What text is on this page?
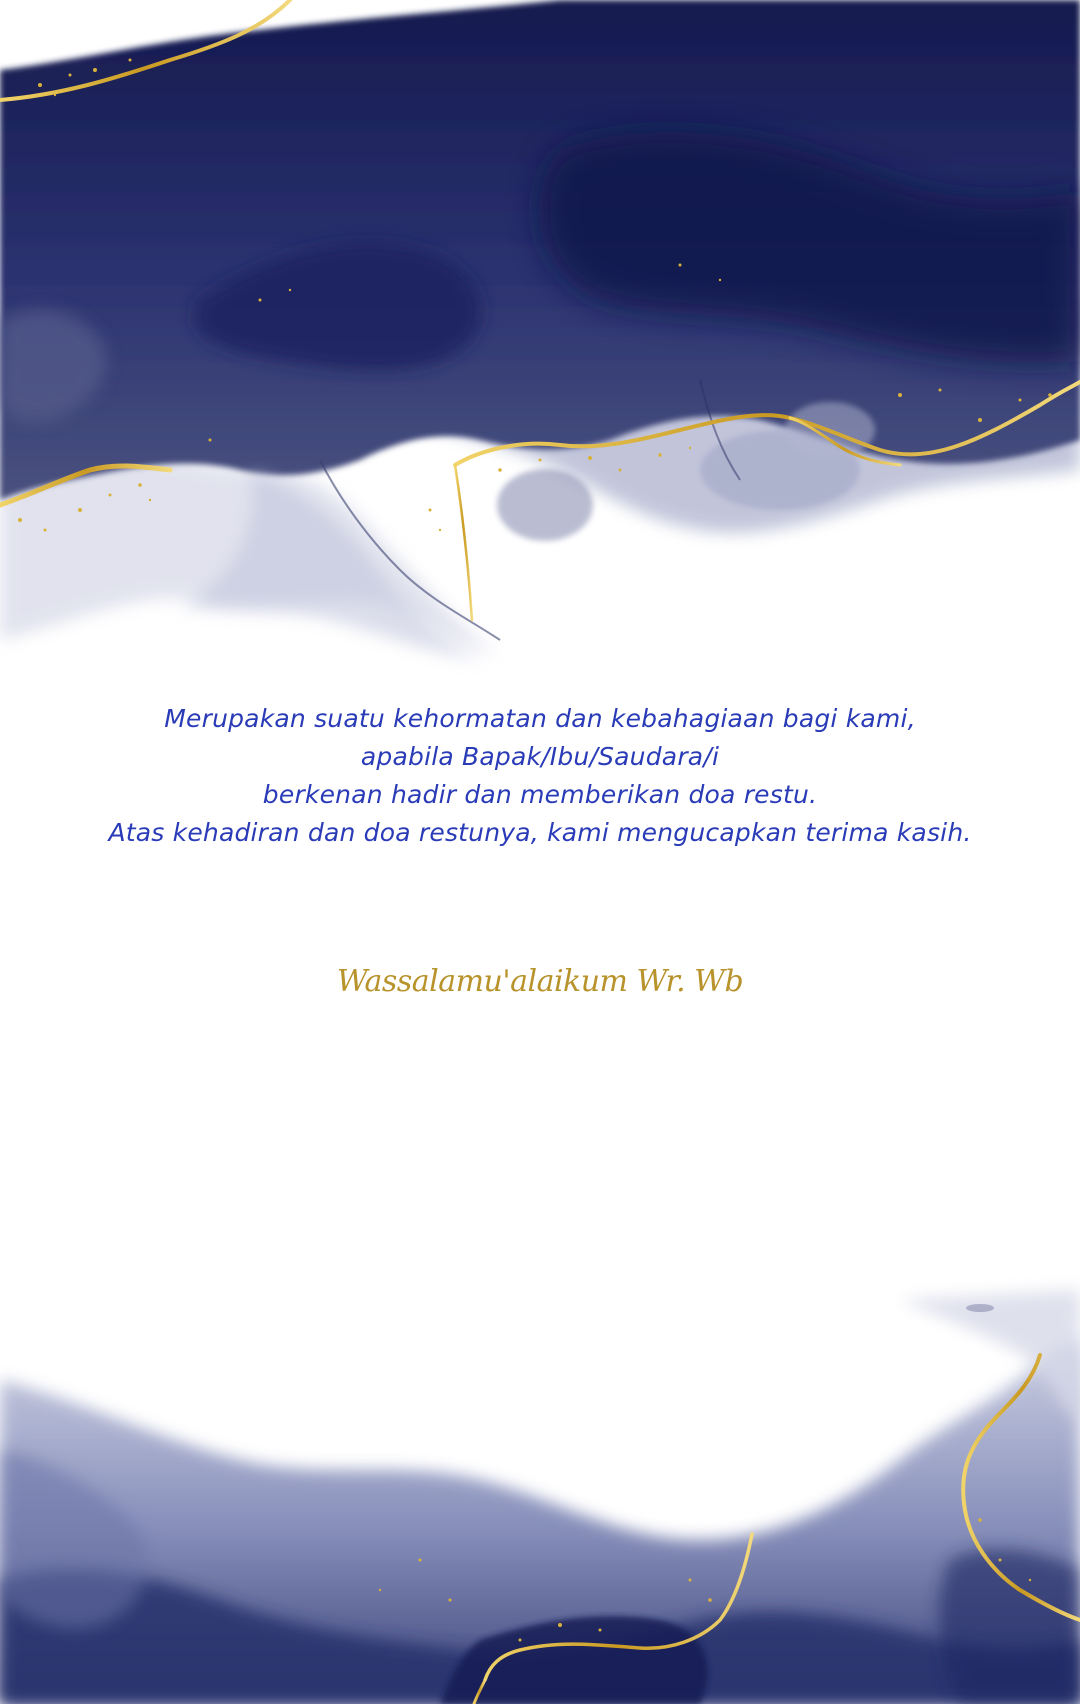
Merupakan suatu kehormatan dan kebahagiaan bagi kami,
apabila Bapak/Ibu/Saudara/i
berkenan hadir dan memberikan doa restu.
Atas kehadiran dan doa restunya, kami mengucapkan terima kasih.
Wassalamu'alaikum Wr. Wb
